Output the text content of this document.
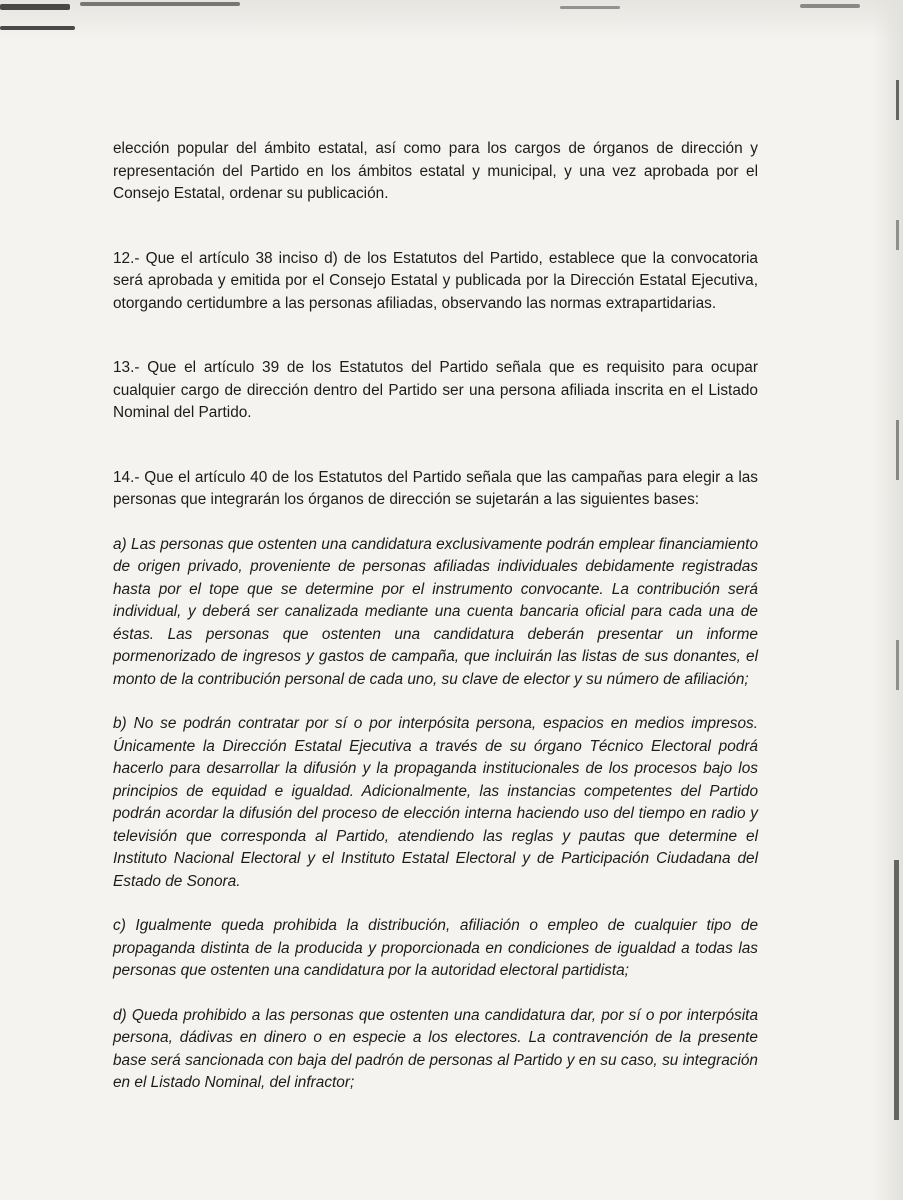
elección popular del ámbito estatal, así como para los cargos de órganos de dirección y representación del Partido en los ámbitos estatal y municipal, y una vez aprobada por el Consejo Estatal, ordenar su publicación.

12.- Que el artículo 38 inciso d) de los Estatutos del Partido, establece que la convocatoria será aprobada y emitida por el Consejo Estatal y publicada por la Dirección Estatal Ejecutiva, otorgando certidumbre a las personas afiliadas, observando las normas extrapartidarias.

13.- Que el artículo 39 de los Estatutos del Partido señala que es requisito para ocupar cualquier cargo de dirección dentro del Partido ser una persona afiliada inscrita en el Listado Nominal del Partido.

14.- Que el artículo 40 de los Estatutos del Partido señala que las campañas para elegir a las personas que integrarán los órganos de dirección se sujetarán a las siguientes bases:

a) Las personas que ostenten una candidatura exclusivamente podrán emplear financiamiento de origen privado, proveniente de personas afiliadas individuales debidamente registradas hasta por el tope que se determine por el instrumento convocante. La contribución será individual, y deberá ser canalizada mediante una cuenta bancaria oficial para cada una de éstas. Las personas que ostenten una candidatura deberán presentar un informe pormenorizado de ingresos y gastos de campaña, que incluirán las listas de sus donantes, el monto de la contribución personal de cada uno, su clave de elector y su número de afiliación;

b) No se podrán contratar por sí o por interpósita persona, espacios en medios impresos. Únicamente la Dirección Estatal Ejecutiva a través de su órgano Técnico Electoral podrá hacerlo para desarrollar la difusión y la propaganda institucionales de los procesos bajo los principios de equidad e igualdad. Adicionalmente, las instancias competentes del Partido podrán acordar la difusión del proceso de elección interna haciendo uso del tiempo en radio y televisión que corresponda al Partido, atendiendo las reglas y pautas que determine el Instituto Nacional Electoral y el Instituto Estatal Electoral y de Participación Ciudadana del Estado de Sonora.

c) Igualmente queda prohibida la distribución, afiliación o empleo de cualquier tipo de propaganda distinta de la producida y proporcionada en condiciones de igualdad a todas las personas que ostenten una candidatura por la autoridad electoral partidista;

d) Queda prohibido a las personas que ostenten una candidatura dar, por sí o por interpósita persona, dádivas en dinero o en especie a los electores. La contravención de la presente base será sancionada con baja del padrón de personas al Partido y en su caso, su integración en el Listado Nominal, del infractor;
